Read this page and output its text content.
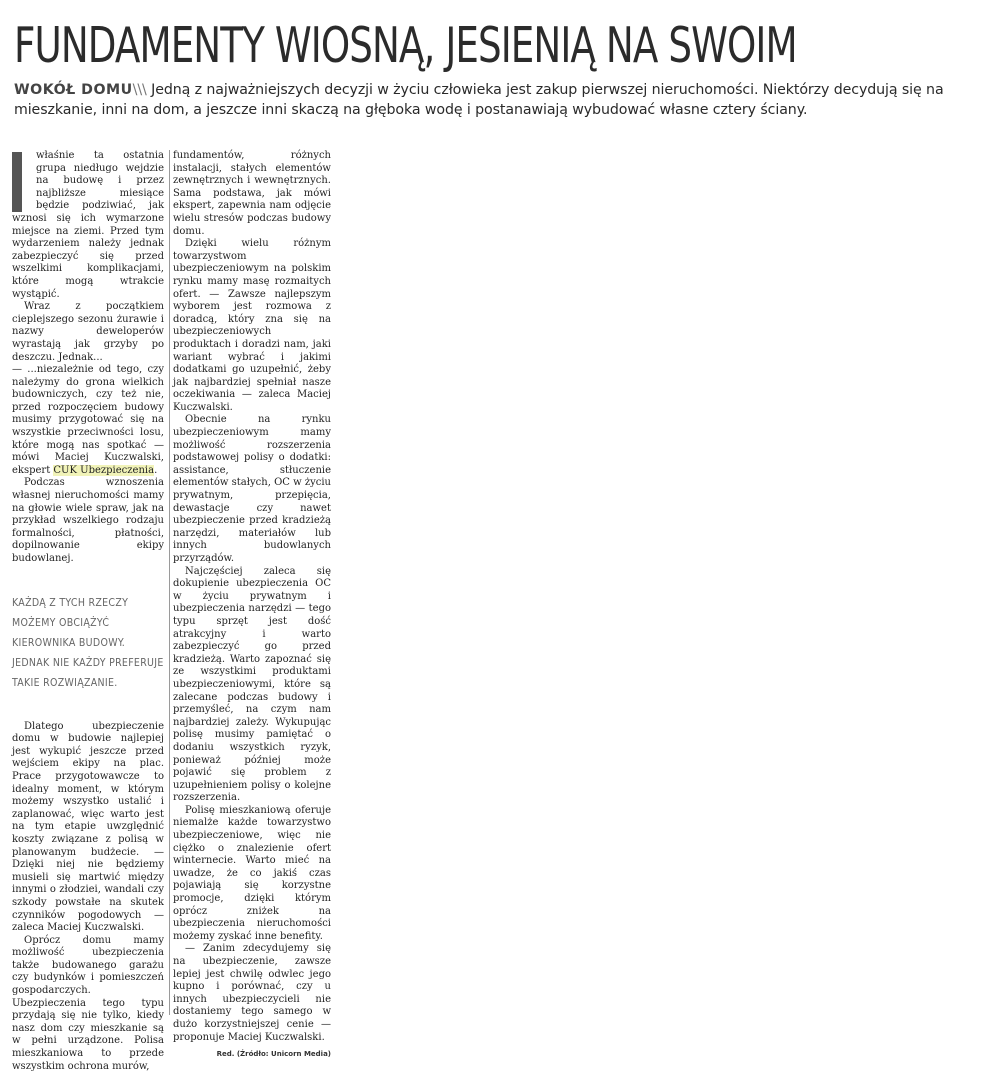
FUNDAMENTY WIOSNĄ, JESIENIĄ NA SWOIM
WOKÓŁ DOMU\\\ Jedną z najważniejszych decyzji w życiu człowieka jest zakup pierwszej nieruchomości. Niektórzy decydują się na mieszkanie, inni na dom, a jeszcze inni skaczą na głęboka wodę i postanawiają wybudować własne cztery ściany.

właśnie ta ostatnia grupa niedługo wejdzie na budowę i przez najbliższe miesiące będzie podziwiać, jak wznosi się ich wymarzone miejsce na ziemi. Przed tym wydarzeniem należy jednak zabezpieczyć się przed wszelkimi komplikacjami, które mogą wtrakcie wystąpić.

Wraz z początkiem cieplejszego sezonu żurawie i nazwy deweloperów wyrastają jak grzyby po deszczu. Jednak...

— ...niezależnie od tego, czy należymy do grona wielkich budowniczych, czy też nie, przed rozpoczęciem budowy musimy przygotować się na wszystkie przeciwności losu, które mogą nas spotkać — mówi Maciej Kuczwalski, ekspert CUK Ubezpieczenia.

Podczas wznoszenia własnej nieruchomości mamy na głowie wiele spraw, jak na przykład wszelkiego rodzaju formalności, płatności, dopilnowanie ekipy budowlanej.

KAŻDĄ Z TYCH RZECZY MOŻEMY OBCIĄŻYĆ KIEROWNIKA BUDOWY. JEDNAK NIE KAŻDY PREFERUJE TAKIE ROZWIĄZANIE.

Dlatego ubezpieczenie domu w budowie najlepiej jest wykupić jeszcze przed wejściem ekipy na plac. Prace przygotowawcze to idealny moment, w którym możemy wszystko ustalić i zaplanować, więc warto jest na tym etapie uwzględnić koszty związane z polisą w planowanym budżecie. — Dzięki niej nie będziemy musieli się martwić między innymi o złodziei, wandali czy szkody powstałe na skutek czynników pogodowych — zaleca Maciej Kuczwalski.

Oprócz domu mamy możliwość ubezpieczenia także budowanego garażu czy budynków i pomieszczeń gospodarczych. Ubezpieczenia tego typu przydają się nie tylko, kiedy nasz dom czy mieszkanie są w pełni urządzone. Polisa mieszkaniowa to przede wszystkim ochrona murów,

fundamentów, różnych instalacji, stałych elementów zewnętrznych i wewnętrznych. Sama podstawa, jak mówi ekspert, zapewnia nam odjęcie wielu stresów podczas budowy domu.

Dzięki wielu różnym towarzystwom ubezpieczeniowym na polskim rynku mamy masę rozmaitych ofert. — Zawsze najlepszym wyborem jest rozmowa z doradcą, który zna się na ubezpieczeniowych produktach i doradzi nam, jaki wariant wybrać i jakimi dodatkami go uzupełnić, żeby jak najbardziej spełniał nasze oczekiwania — zaleca Maciej Kuczwalski.

Obecnie na rynku ubezpieczeniowym mamy możliwość rozszerzenia podstawowej polisy o dodatki: assistance, stłuczenie elementów stałych, OC w życiu prywatnym, przepięcia, dewastacje czy nawet ubezpieczenie przed kradzieżą narzędzi, materiałów lub innych budowlanych przyrządów.

Najczęściej zaleca się dokupienie ubezpieczenia OC w życiu prywatnym i ubezpieczenia narzędzi — tego typu sprzęt jest dość atrakcyjny i warto zabezpieczyć go przed kradzieżą. Warto zapoznać się ze wszystkimi produktami ubezpieczeniowymi, które są zalecane podczas budowy i przemyśleć, na czym nam najbardziej zależy. Wykupując polisę musimy pamiętać o dodaniu wszystkich ryzyk, ponieważ później może pojawić się problem z uzupełnieniem polisy o kolejne rozszerzenia.

Polisę mieszkaniową oferuje niemalże każde towarzystwo ubezpieczeniowe, więc nie ciężko o znalezienie ofert winternecie. Warto mieć na uwadze, że co jakiś czas pojawiają się korzystne promocje, dzięki którym oprócz zniżek na ubezpieczenia nieruchomości możemy zyskać inne benefity.

— Zanim zdecydujemy się na ubezpieczenie, zawsze lepiej jest chwilę odwlec jego kupno i porównać, czy u innych ubezpieczycieli nie dostaniemy tego samego w dużo korzystniejszej cenie — proponuje Maciej Kuczwalski.

Red. (Źródło: Unicorn Media)
